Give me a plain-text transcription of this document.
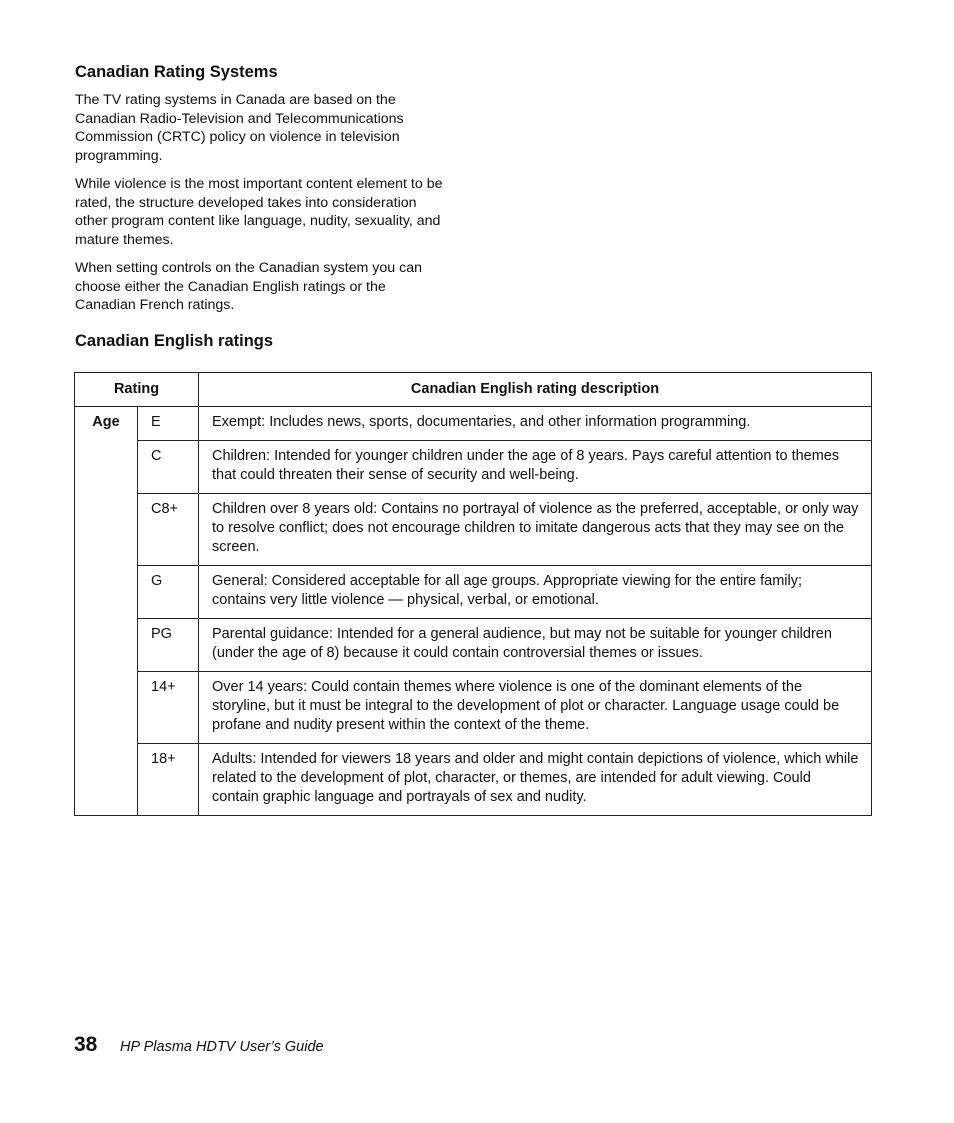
Canadian Rating Systems

The TV rating systems in Canada are based on the Canadian Radio-Television and Telecommunications Commission (CRTC) policy on violence in television programming.

While violence is the most important content element to be rated, the structure developed takes into consideration other program content like language, nudity, sexuality, and mature themes.

When setting controls on the Canadian system you can choose either the Canadian English ratings or the Canadian French ratings.

Canadian English ratings
Rating		Canadian English rating description
Age	E	Exempt: Includes news, sports, documentaries, and other information programming.
	C	Children: Intended for younger children under the age of 8 years. Pays careful attention to themes that could threaten their sense of security and well-being.
	C8+	Children over 8 years old: Contains no portrayal of violence as the preferred, acceptable, or only way to resolve conflict; does not encourage children to imitate dangerous acts that they may see on the screen.
	G	General: Considered acceptable for all age groups. Appropriate viewing for the entire family; contains very little violence — physical, verbal, or emotional.
	PG	Parental guidance: Intended for a general audience, but may not be suitable for younger children (under the age of 8) because it could contain controversial themes or issues.
	14+	Over 14 years: Could contain themes where violence is one of the dominant elements of the storyline, but it must be integral to the development of plot or character. Language usage could be profane and nudity present within the context of the theme.
	18+	Adults: Intended for viewers 18 years and older and might contain depictions of violence, which while related to the development of plot, character, or themes, are intended for adult viewing. Could contain graphic language and portrayals of sex and nudity.
38 HP Plasma HDTV User’s Guide
